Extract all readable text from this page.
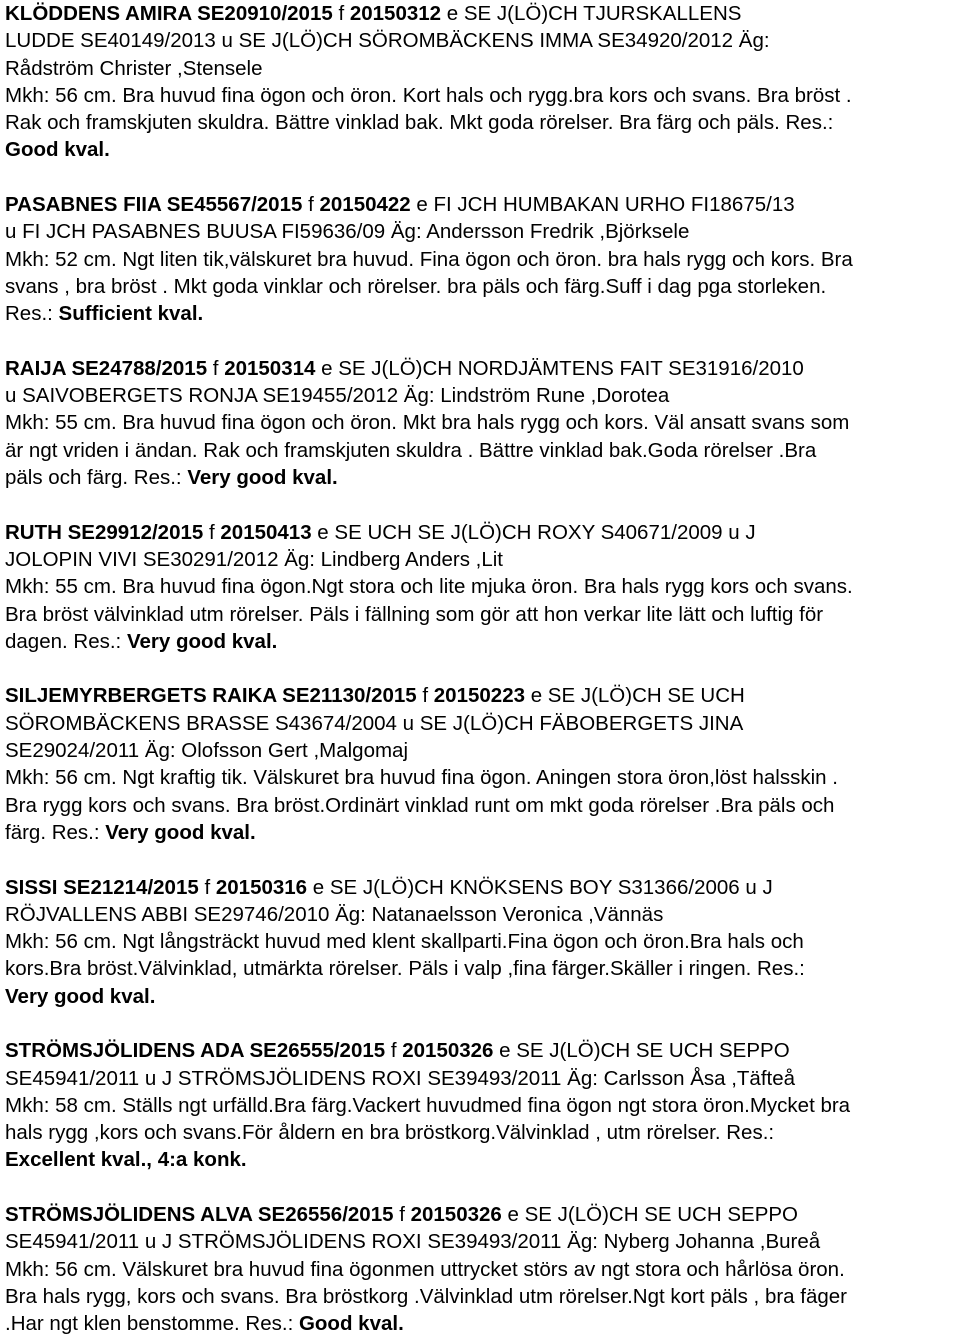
KLÖDDENS AMIRA SE20910/2015 f 20150312 e SE J(LÖ)CH TJURSKALLENS
LUDDE SE40149/2013 u SE J(LÖ)CH SÖROMBÄCKENS IMMA SE34920/2012 Äg:
Rådström Christer ,Stensele
Mkh: 56 cm. Bra huvud fina ögon och öron. Kort hals och rygg.bra kors och svans. Bra bröst .
Rak och framskjuten skuldra. Bättre vinklad bak. Mkt goda rörelser. Bra färg och päls. Res.:
Good kval.
PASABNES FIIA SE45567/2015 f 20150422 e FI JCH HUMBAKAN URHO FI18675/13
u FI JCH PASABNES BUUSA FI59636/09 Äg: Andersson Fredrik ,Björksele
Mkh: 52 cm. Ngt liten tik,välskuret bra huvud. Fina ögon och öron. bra hals rygg och kors. Bra
svans , bra bröst . Mkt goda vinklar och rörelser. bra päls och färg.Suff i dag pga storleken.
Res.: Sufficient kval.
RAIJA SE24788/2015 f 20150314 e SE J(LÖ)CH NORDJÄMTENS FAIT SE31916/2010
u SAIVOBERGETS RONJA SE19455/2012 Äg: Lindström Rune ,Dorotea
Mkh: 55 cm. Bra huvud fina ögon och öron. Mkt bra hals rygg och kors. Väl ansatt svans som
är ngt vriden i ändan. Rak och framskjuten skuldra . Bättre vinklad bak.Goda rörelser .Bra
päls och färg. Res.: Very good kval.
RUTH SE29912/2015 f 20150413 e SE UCH SE J(LÖ)CH ROXY S40671/2009 u J
JOLOPIN VIVI SE30291/2012 Äg: Lindberg Anders ,Lit
Mkh: 55 cm. Bra huvud fina ögon.Ngt stora och lite mjuka öron. Bra hals rygg kors och svans.
Bra bröst välvinklad utm rörelser. Päls i fällning som gör att hon verkar lite lätt och luftig för
dagen. Res.: Very good kval.
SILJEMYRBERGETS RAIKA SE21130/2015 f 20150223 e SE J(LÖ)CH SE UCH
SÖROMBÄCKENS BRASSE S43674/2004 u SE J(LÖ)CH FÄBOBERGETS JINA
SE29024/2011 Äg: Olofsson Gert ,Malgomaj
Mkh: 56 cm. Ngt kraftig tik. Välskuret bra huvud fina ögon. Aningen stora öron,löst halsskin .
Bra rygg kors och svans. Bra bröst.Ordinärt vinklad runt om mkt goda rörelser .Bra päls och
färg. Res.: Very good kval.
SISSI SE21214/2015 f 20150316 e SE J(LÖ)CH KNÖKSENS BOY S31366/2006 u J
RÖJVALLENS ABBI SE29746/2010 Äg: Natanaelsson Veronica ,Vännäs
Mkh: 56 cm. Ngt långsträckt huvud med klent skallparti.Fina ögon och öron.Bra hals och
kors.Bra bröst.Välvinklad, utmärkta rörelser. Päls i valp ,fina färger.Skäller i ringen. Res.:
Very good kval.
STRÖMSJÖLIDENS ADA SE26555/2015 f 20150326 e SE J(LÖ)CH SE UCH SEPPO
SE45941/2011 u J STRÖMSJÖLIDENS ROXI SE39493/2011 Äg: Carlsson Åsa ,Täfteå
Mkh: 58 cm. Ställs ngt urfälld.Bra färg.Vackert huvudmed fina ögon ngt stora öron.Mycket bra
hals rygg ,kors och svans.För åldern en bra bröstkorg.Välvinklad , utm rörelser. Res.:
Excellent kval., 4:a konk.
STRÖMSJÖLIDENS ALVA SE26556/2015 f 20150326 e SE J(LÖ)CH SE UCH SEPPO
SE45941/2011 u J STRÖMSJÖLIDENS ROXI SE39493/2011 Äg: Nyberg Johanna ,Bureå
Mkh: 56 cm. Välskuret bra huvud fina ögonmen uttrycket störs av ngt stora och hårlösa öron.
Bra hals rygg, kors och svans. Bra bröstkorg .Välvinklad utm rörelser.Ngt kort päls , bra fäger
.Har ngt klen benstomme. Res.: Good kval.
